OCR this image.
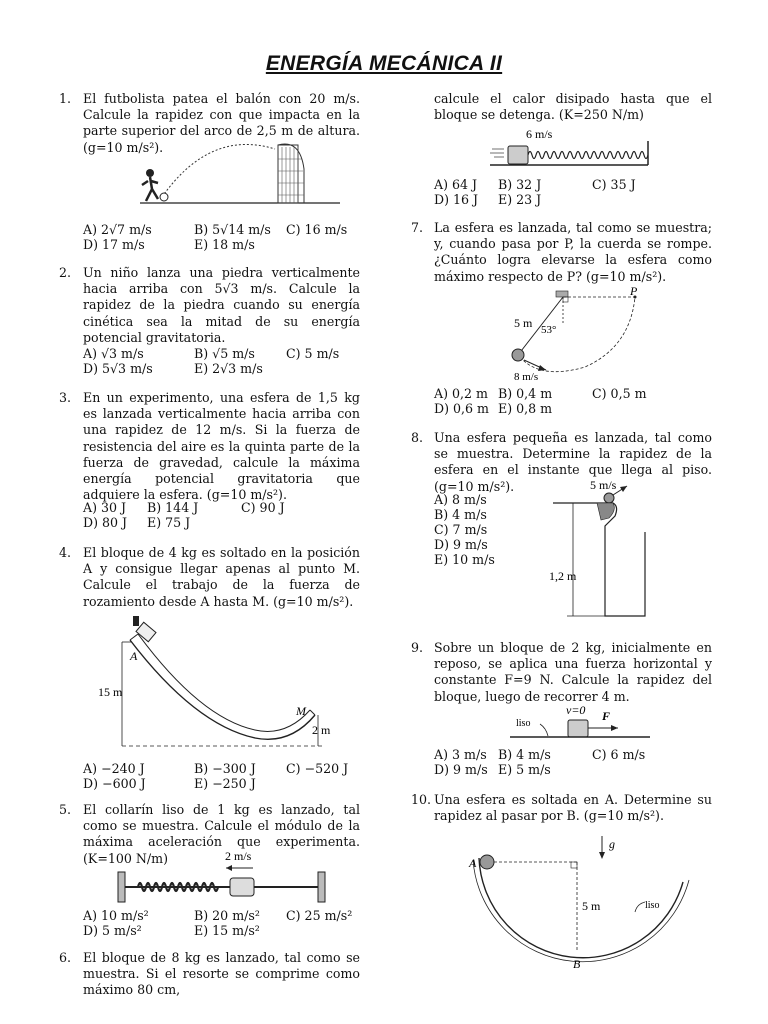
ENERGÍA MECÁNICA II
1. El futbolista patea el balón con 20 m/s. Calcule la rapidez con que impacta en la parte superior del arco de 2,5 m de altura. (g=10 m/s²).
A) 2√7 m/s	B) 5√14 m/s C) 16 m/s
D) 17 m/s	E) 18 m/s
2. Un niño lanza una piedra verticalmente hacia arriba con 5√3 m/s. Calcule la rapidez de la piedra cuando su energía cinética sea la mitad de su energía potencial gravitatoria.
A) √3 m/s	B) √5 m/s C) 5 m/s
D) 5√3 m/s	E) 2√3 m/s
3. En un experimento, una esfera de 1,5 kg es lanzada verticalmente hacia arriba con una rapidez de 12 m/s. Si la fuerza de resistencia del aire es la quinta parte de la fuerza de gravedad, calcule la máxima energía potencial gravitatoria que adquiere la esfera. (g=10 m/s²).
A) 30 J B) 144 J	C) 90 J
D) 80 J E) 75 J
4. El bloque de 4 kg es soltado en la posición A y consigue llegar apenas al punto M. Calcule el trabajo de la fuerza de rozamiento desde A hasta M. (g=10 m/s²).
A
15 m
M
2 m
A) −240 J	B) −300 J C) −520 J
D) −600 J	E) −250 J
5. El collarín liso de 1 kg es lanzado, tal como se muestra. Calcule el módulo de la máxima aceleración que experimenta. (K=100 N/m)	2 m/s
A) 10 m/s²	B) 20 m/s² C) 25 m/s²
D) 5 m/s²	E) 15 m/s²
6. El bloque de 8 kg es lanzado, tal como se muestra. Si el resorte se comprime como máximo 80 cm,
calcule el calor disipado hasta que el bloque se detenga. (K=250 N/m)
6 m/s
A) 64 J B) 32 J	C) 35 J
D) 16 J E) 23 J
7. La esfera es lanzada, tal como se muestra; y, cuando pasa por P, la cuerda se rompe. ¿Cuánto logra elevarse la esfera como máximo respecto de P? (g=10 m/s²).
P
5 m 53°
8 m/s
A) 0,2 m B) 0,4 m	C) 0,5 m
D) 0,6 m E) 0,8 m
8. Una esfera pequeña es lanzada, tal como se muestra. Determine la rapidez de la esfera en el instante que llega al piso. (g=10 m/s²).
A) 8 m/s
B) 4 m/s
C) 7 m/s
D) 9 m/s
E) 10 m/s
5 m/s
1,2 m
9. Sobre un bloque de 2 kg, inicialmente en reposo, se aplica una fuerza horizontal y constante F=9 N. Calcule la rapidez del bloque, luego de recorrer 4 m.
v=0 F
liso
A) 3 m/s B) 4 m/s	C) 6 m/s
D) 9 m/s E) 5 m/s
10. Una esfera es soltada en A. Determine su rapidez al pasar por B. (g=10 m/s²).
g
A
5 m	liso
B
